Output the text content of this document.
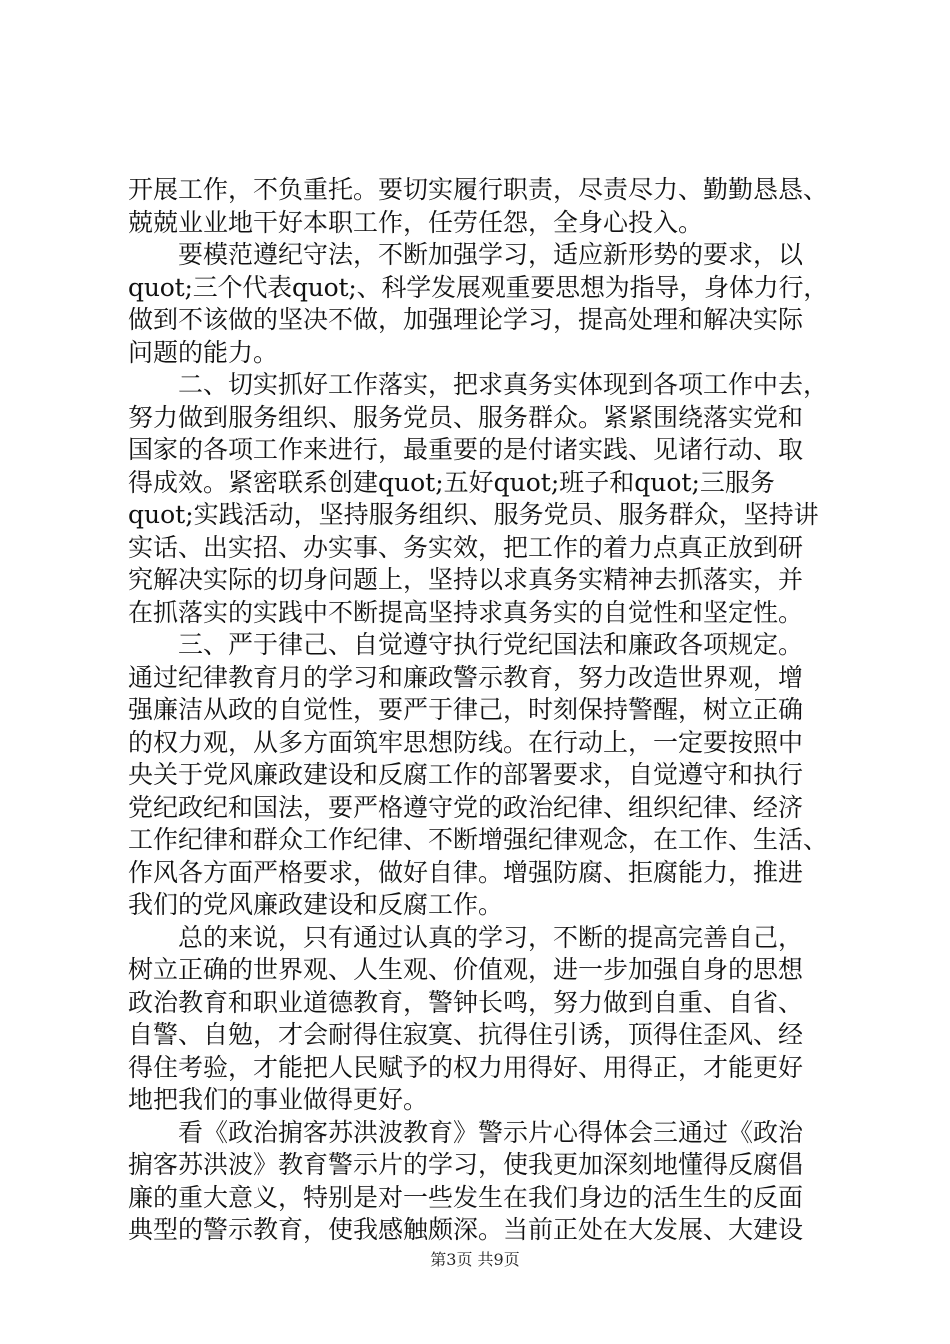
开展工作，不负重托。要切实履行职责，尽责尽力、勤勤恳恳、
兢兢业业地干好本职工作，任劳任怨，全身心投入。
　　要模范遵纪守法，不断加强学习，适应新形势的要求，以
quot;三个代表quot;、科学发展观重要思想为指导，身体力行，
做到不该做的坚决不做，加强理论学习，提高处理和解决实际
问题的能力。
　　二、切实抓好工作落实，把求真务实体现到各项工作中去，
努力做到服务组织、服务党员、服务群众。紧紧围绕落实党和
国家的各项工作来进行，最重要的是付诸实践、见诸行动、取
得成效。紧密联系创建quot;五好quot;班子和quot;三服务
quot;实践活动，坚持服务组织、服务党员、服务群众，坚持讲
实话、出实招、办实事、务实效，把工作的着力点真正放到研
究解决实际的切身问题上，坚持以求真务实精神去抓落实，并
在抓落实的实践中不断提高坚持求真务实的自觉性和坚定性。
　　三、严于律己、自觉遵守执行党纪国法和廉政各项规定。
通过纪律教育月的学习和廉政警示教育，努力改造世界观，增
强廉洁从政的自觉性，要严于律己，时刻保持警醒，树立正确
的权力观，从多方面筑牢思想防线。在行动上，一定要按照中
央关于党风廉政建设和反腐工作的部署要求，自觉遵守和执行
党纪政纪和国法，要严格遵守党的政治纪律、组织纪律、经济
工作纪律和群众工作纪律、不断增强纪律观念，在工作、生活、
作风各方面严格要求，做好自律。增强防腐、拒腐能力，推进
我们的党风廉政建设和反腐工作。
　　总的来说，只有通过认真的学习，不断的提高完善自己，
树立正确的世界观、人生观、价值观，进一步加强自身的思想
政治教育和职业道德教育，警钟长鸣，努力做到自重、自省、
自警、自勉，才会耐得住寂寞、抗得住引诱，顶得住歪风、经
得住考验，才能把人民赋予的权力用得好、用得正，才能更好
地把我们的事业做得更好。
　　看《政治掮客苏洪波教育》警示片心得体会三通过《政治
掮客苏洪波》教育警示片的学习，使我更加深刻地懂得反腐倡
廉的重大意义，特别是对一些发生在我们身边的活生生的反面
典型的警示教育，使我感触颇深。当前正处在大发展、大建设
第3页 共9页
